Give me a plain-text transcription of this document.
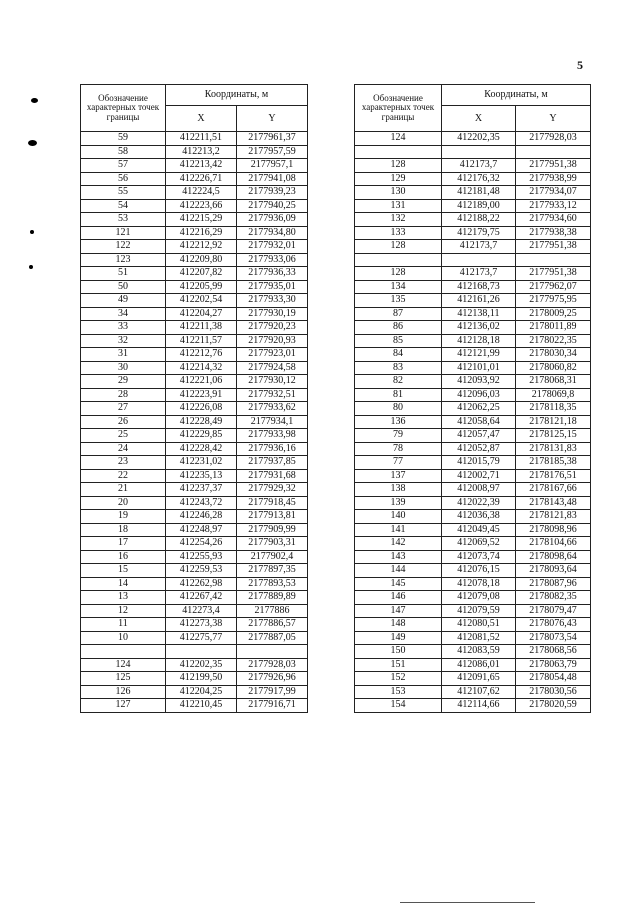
5
Обозначение характерных точек границы	Координаты, м	
	X	Y
59	412211,51	2177961,37
58	412213,2	2177957,59
57	412213,42	2177957,1
56	412226,71	2177941,08
55	412224,5	2177939,23
54	412223,66	2177940,25
53	412215,29	2177936,09
121	412216,29	2177934,80
122	412212,92	2177932,01
123	412209,80	2177933,06
51	412207,82	2177936,33
50	412205,99	2177935,01
49	412202,54	2177933,30
34	412204,27	2177930,19
33	412211,38	2177920,23
32	412211,57	2177920,93
31	412212,76	2177923,01
30	412214,32	2177924,58
29	412221,06	2177930,12
28	412223,91	2177932,51
27	412226,08	2177933,62
26	412228,49	2177934,1
25	412229,85	2177933,98
24	412228,42	2177936,16
23	412231,02	2177937,85
22	412235,13	2177931,68
21	412237,37	2177929,32
20	412243,72	2177918,45
19	412246,28	2177913,81
18	412248,97	2177909,99
17	412254,26	2177903,31
16	412255,93	2177902,4
15	412259,53	2177897,35
14	412262,98	2177893,53
13	412267,42	2177889,89
12	412273,4	2177886
11	412273,38	2177886,57
10	412275,77	2177887,05

124	412202,35	2177928,03
125	412199,50	2177926,96
126	412204,25	2177917,99
127	412210,45	2177916,71
Обозначение характерных точек границы	Координаты, м	
	X	Y
124	412202,35	2177928,03

128	412173,7	2177951,38
129	412176,32	2177938,99
130	412181,48	2177934,07
131	412189,00	2177933,12
132	412188,22	2177934,60
133	412179,75	2177938,38
128	412173,7	2177951,38

128	412173,7	2177951,38
134	412168,73	2177962,07
135	412161,26	2177975,95
87	412138,11	2178009,25
86	412136,02	2178011,89
85	412128,18	2178022,35
84	412121,99	2178030,34
83	412101,01	2178060,82
82	412093,92	2178068,31
81	412096,03	2178069,8
80	412062,25	2178118,35
136	412058,64	2178121,18
79	412057,47	2178125,15
78	412052,87	2178131,83
77	412015,79	2178185,38
137	412002,71	2178176,51
138	412008,97	2178167,66
139	412022,39	2178143,48
140	412036,38	2178121,83
141	412049,45	2178098,96
142	412069,52	2178104,66
143	412073,74	2178098,64
144	412076,15	2178093,64
145	412078,18	2178087,96
146	412079,08	2178082,35
147	412079,59	2178079,47
148	412080,51	2178076,43
149	412081,52	2178073,54
150	412083,59	2178068,56
151	412086,01	2178063,79
152	412091,65	2178054,48
153	412107,62	2178030,56
154	412114,66	2178020,59
